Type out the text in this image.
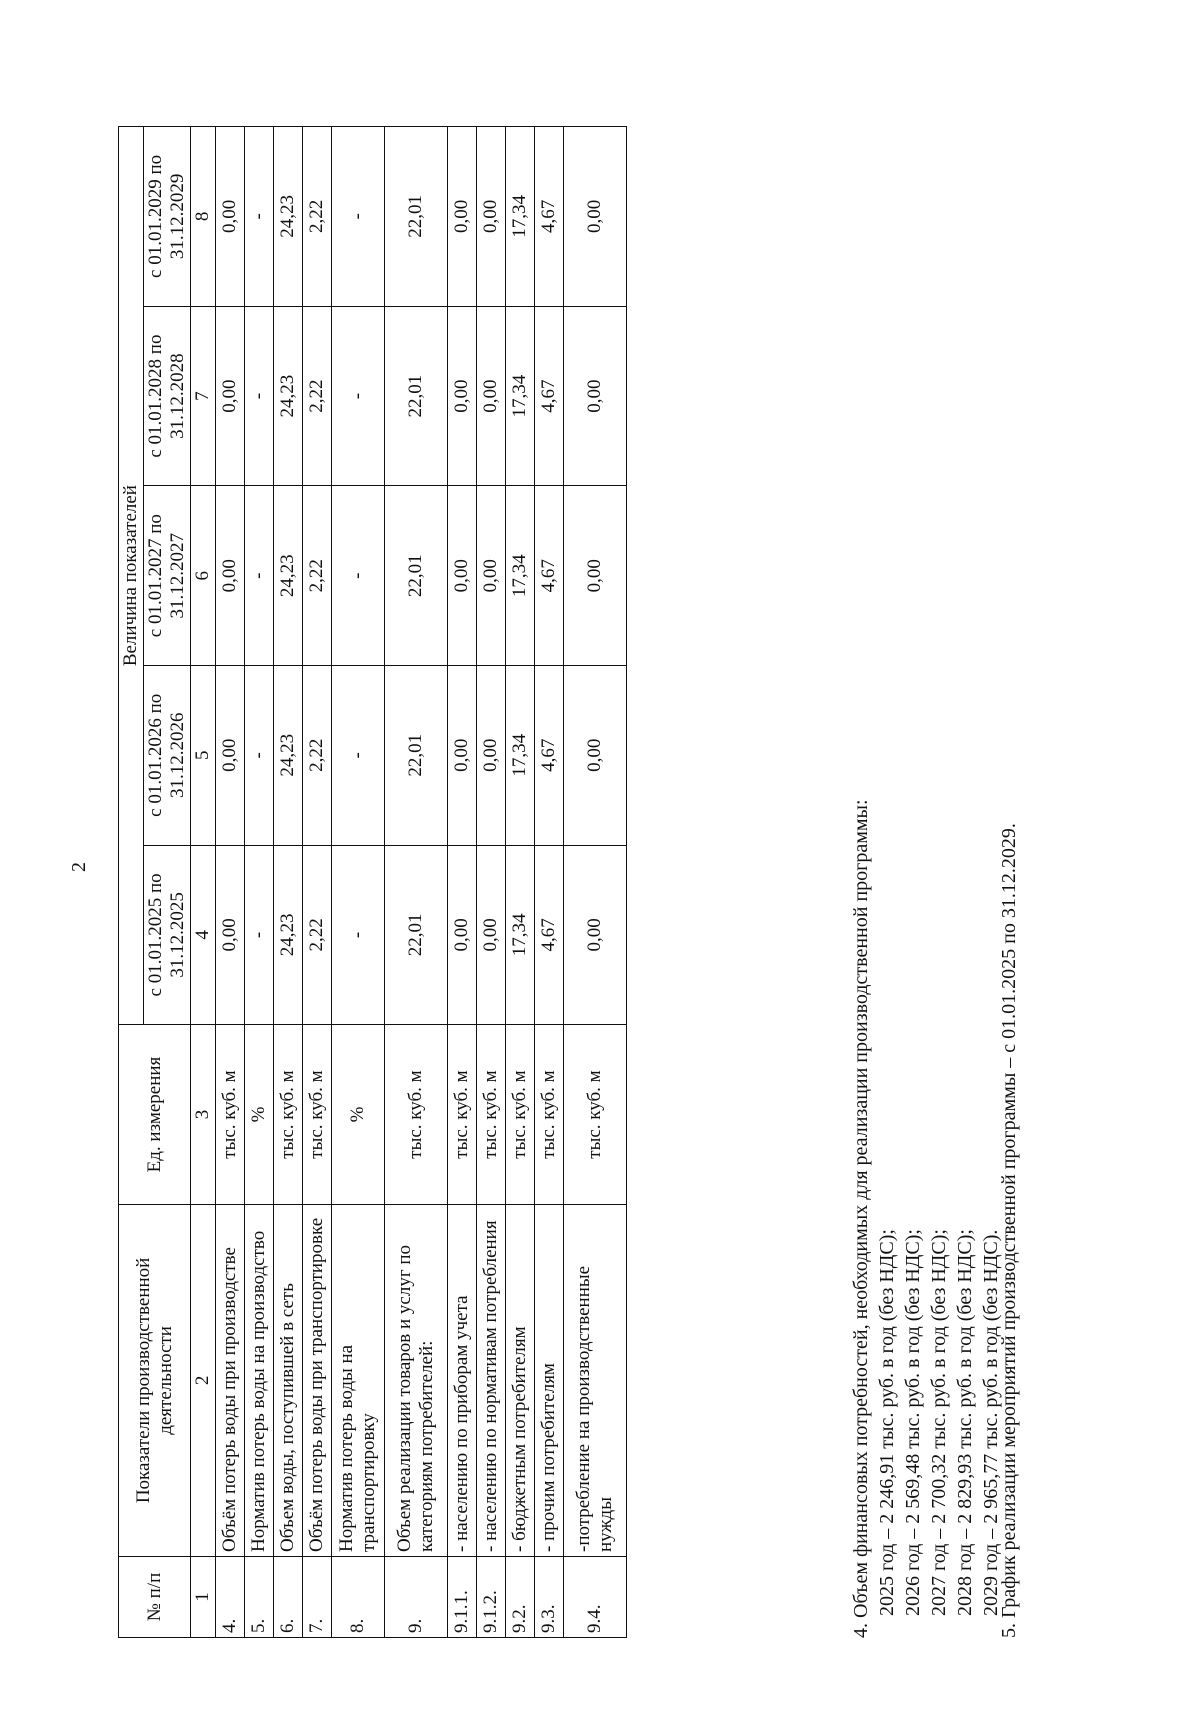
2
№ п/п	Показатели производственной деятельности	Ед. измерения	Величина показателей				
			с 01.01.2025 по 31.12.2025	с 01.01.2026 по 31.12.2026	с 01.01.2027 по 31.12.2027	с 01.01.2028 по 31.12.2028	с 01.01.2029 по 31.12.2029
1	2	3	4	5	6	7	8
4.	Объём потерь воды при производстве	тыс. куб. м	0,00	0,00	0,00	0,00	0,00
5.	Норматив потерь воды на производство	%	-	-	-	-	-
6.	Объем воды, поступившей в сеть	тыс. куб. м	24,23	24,23	24,23	24,23	24,23
7.	Объём потерь воды при транспортировке	тыс. куб. м	2,22	2,22	2,22	2,22	2,22
8.	Норматив потерь воды на транспортировку	%	-	-	-	-	-
9.	Объем реализации товаров и услуг по категориям потребителей:	тыс. куб. м	22,01	22,01	22,01	22,01	22,01
9.1.1.	- населению по приборам учета	тыс. куб. м	0,00	0,00	0,00	0,00	0,00
9.1.2.	- населению по нормативам потребления	тыс. куб. м	0,00	0,00	0,00	0,00	0,00
9.2.	- бюджетным потребителям	тыс. куб. м	17,34	17,34	17,34	17,34	17,34
9.3.	- прочим потребителям	тыс. куб. м	4,67	4,67	4,67	4,67	4,67
9.4.	-потребление на производственные нужды	тыс. куб. м	0,00	0,00	0,00	0,00	0,00

4. Объем финансовых потребностей, необходимых для реализации производственной программы: 2025 год – 2 246,91 тыс. руб. в год (без НДС); 2026 год – 2 569,48 тыс. руб. в год (без НДС); 2027 год – 2 700,32 тыс. руб. в год (без НДС); 2028 год – 2 829,93 тыс. руб. в год (без НДС); 2029 год – 2 965,77 тыс. руб. в год (без НДС).

5. График реализации мероприятий производственной программы – с 01.01.2025 по 31.12.2029.
